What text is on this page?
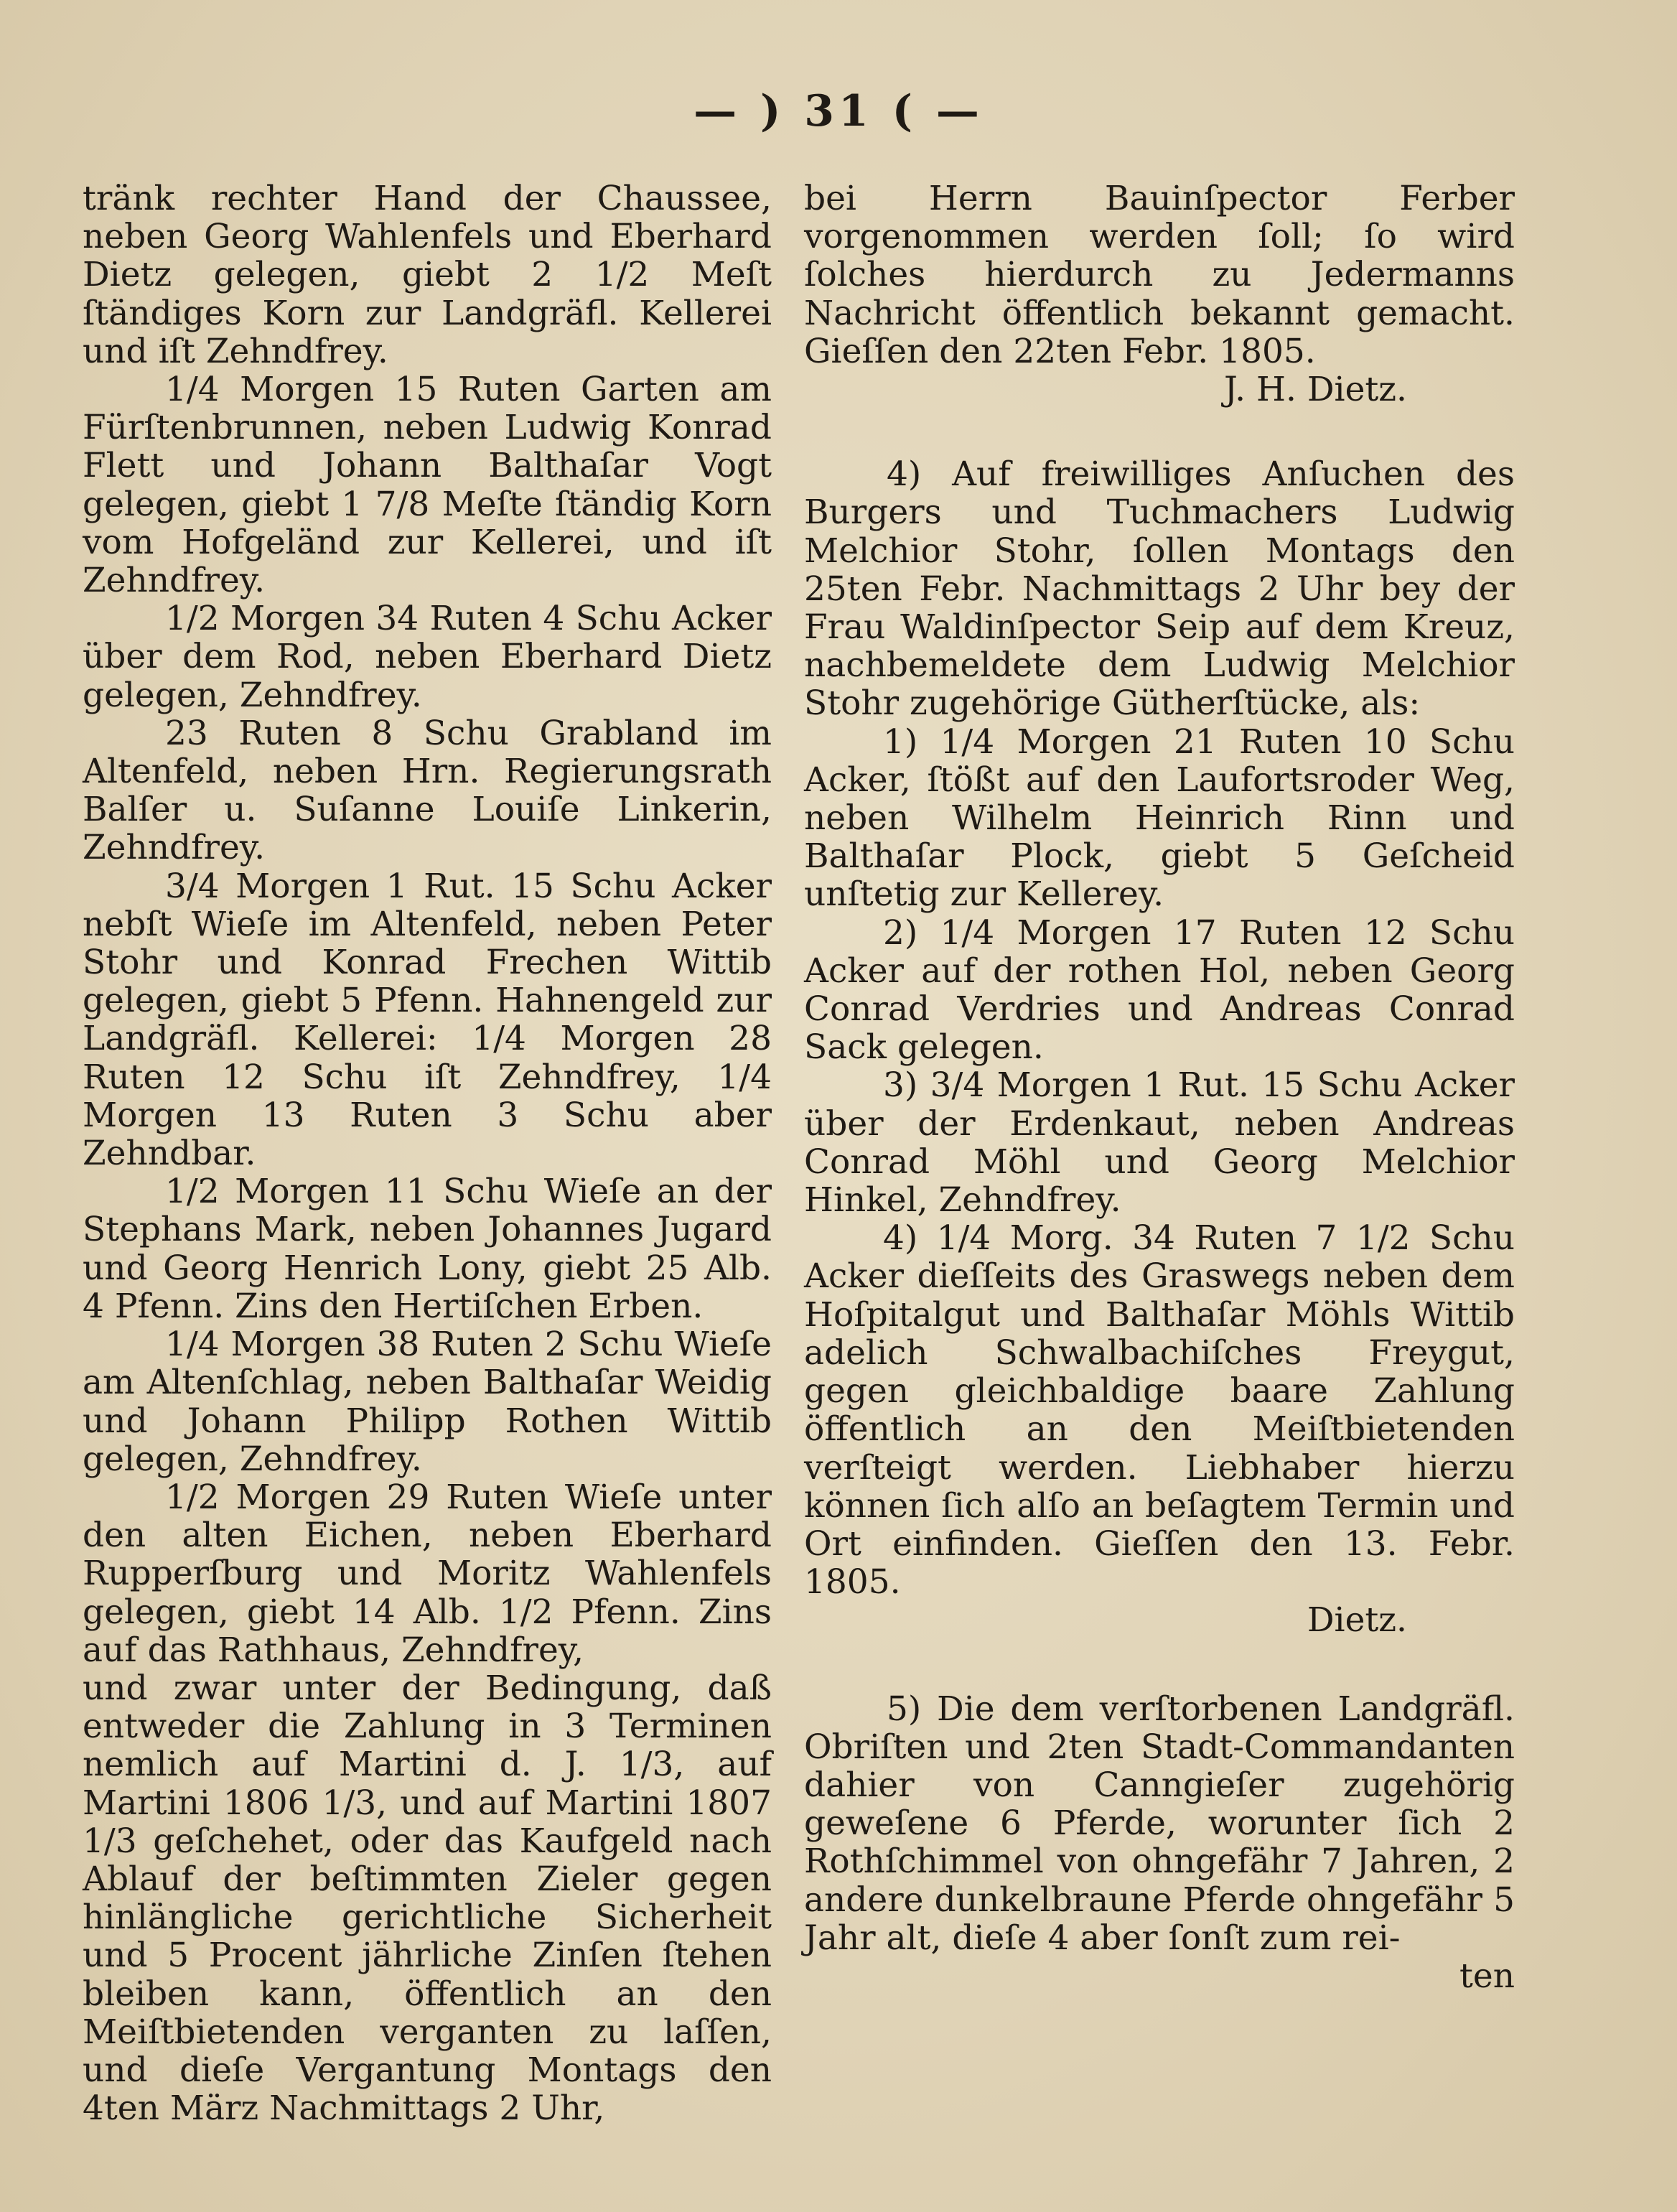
— ) 31 ( —

tränk rechter Hand der Chaussee, neben Georg Wahlenfels und Eberhard Dietz gelegen, giebt 2 1/2 Meſt ſtändiges Korn zur Landgräfl. Kellerei und iſt Zehndfrey.

1/4 Morgen 15 Ruten Garten am Fürſtenbrunnen, neben Ludwig Konrad Flett und Johann Balthaſar Vogt gelegen, giebt 1 7/8 Meſte ſtändig Korn vom Hofgeländ zur Kellerei, und iſt Zehndfrey.

1/2 Morgen 34 Ruten 4 Schu Acker über dem Rod, neben Eberhard Dietz gelegen, Zehndfrey.

23 Ruten 8 Schu Grabland im Altenfeld, neben Hrn. Regierungsrath Balſer u. Suſanne Louiſe Linkerin, Zehndfrey.

3/4 Morgen 1 Rut. 15 Schu Acker nebſt Wieſe im Altenfeld, neben Peter Stohr und Konrad Frechen Wittib gelegen, giebt 5 Pfenn. Hahnengeld zur Landgräfl. Kellerei: 1/4 Morgen 28 Ruten 12 Schu iſt Zehndfrey, 1/4 Morgen 13 Ruten 3 Schu aber Zehndbar.

1/2 Morgen 11 Schu Wieſe an der Stephans Mark, neben Johannes Jugard und Georg Henrich Lony, giebt 25 Alb. 4 Pfenn. Zins den Hertiſchen Erben.

1/4 Morgen 38 Ruten 2 Schu Wieſe am Altenſchlag, neben Balthaſar Weidig und Johann Philipp Rothen Wittib gelegen, Zehndfrey.

1/2 Morgen 29 Ruten Wieſe unter den alten Eichen, neben Eberhard Rupperſburg und Moritz Wahlenfels gelegen, giebt 14 Alb. 1/2 Pfenn. Zins auf das Rathhaus, Zehndfrey,

und zwar unter der Bedingung, daß entweder die Zahlung in 3 Terminen nemlich auf Martini d. J. 1/3, auf Martini 1806 1/3, und auf Martini 1807 1/3 geſchehet, oder das Kaufgeld nach Ablauf der beſtimmten Zieler gegen hinlängliche gerichtliche Sicherheit und 5 Procent jährliche Zinſen ſtehen bleiben kann, öffentlich an den Meiſtbietenden verganten zu laſſen, und dieſe Vergantung Montags den 4ten März Nachmittags 2 Uhr,

bei Herrn Bauinſpector Ferber vorgenommen werden ſoll; ſo wird ſolches hierdurch zu Jedermanns Nachricht öffentlich bekannt gemacht. Gieſſen den 22ten Febr. 1805.

J. H. Dietz.

4) Auf freiwilliges Anſuchen des Burgers und Tuchmachers Ludwig Melchior Stohr, ſollen Montags den 25ten Febr. Nachmittags 2 Uhr bey der Frau Waldinſpector Seip auf dem Kreuz, nachbemeldete dem Ludwig Melchior Stohr zugehörige Gütherſtücke, als:

1) 1/4 Morgen 21 Ruten 10 Schu Acker, ſtößt auf den Laufortsroder Weg, neben Wilhelm Heinrich Rinn und Balthaſar Plock, giebt 5 Geſcheid unſtetig zur Kellerey.

2) 1/4 Morgen 17 Ruten 12 Schu Acker auf der rothen Hol, neben Georg Conrad Verdries und Andreas Conrad Sack gelegen.

3) 3/4 Morgen 1 Rut. 15 Schu Acker über der Erdenkaut, neben Andreas Conrad Möhl und Georg Melchior Hinkel, Zehndfrey.

4) 1/4 Morg. 34 Ruten 7 1/2 Schu Acker dieſſeits des Graswegs neben dem Hoſpitalgut und Balthaſar Möhls Wittib adelich Schwalbachiſches Freygut, gegen gleichbaldige baare Zahlung öffentlich an den Meiſtbietenden verſteigt werden. Liebhaber hierzu können ſich alſo an beſagtem Termin und Ort einfinden. Gieſſen den 13. Febr. 1805.

Dietz.

5) Die dem verſtorbenen Landgräfl. Obriſten und 2ten Stadt-Commandanten dahier von Canngieſer zugehörig geweſene 6 Pferde, worunter ſich 2 Rothſchimmel von ohngefähr 7 Jahren, 2 andere dunkelbraune Pferde ohngefähr 5 Jahr alt, dieſe 4 aber ſonſt zum rei-

ten
